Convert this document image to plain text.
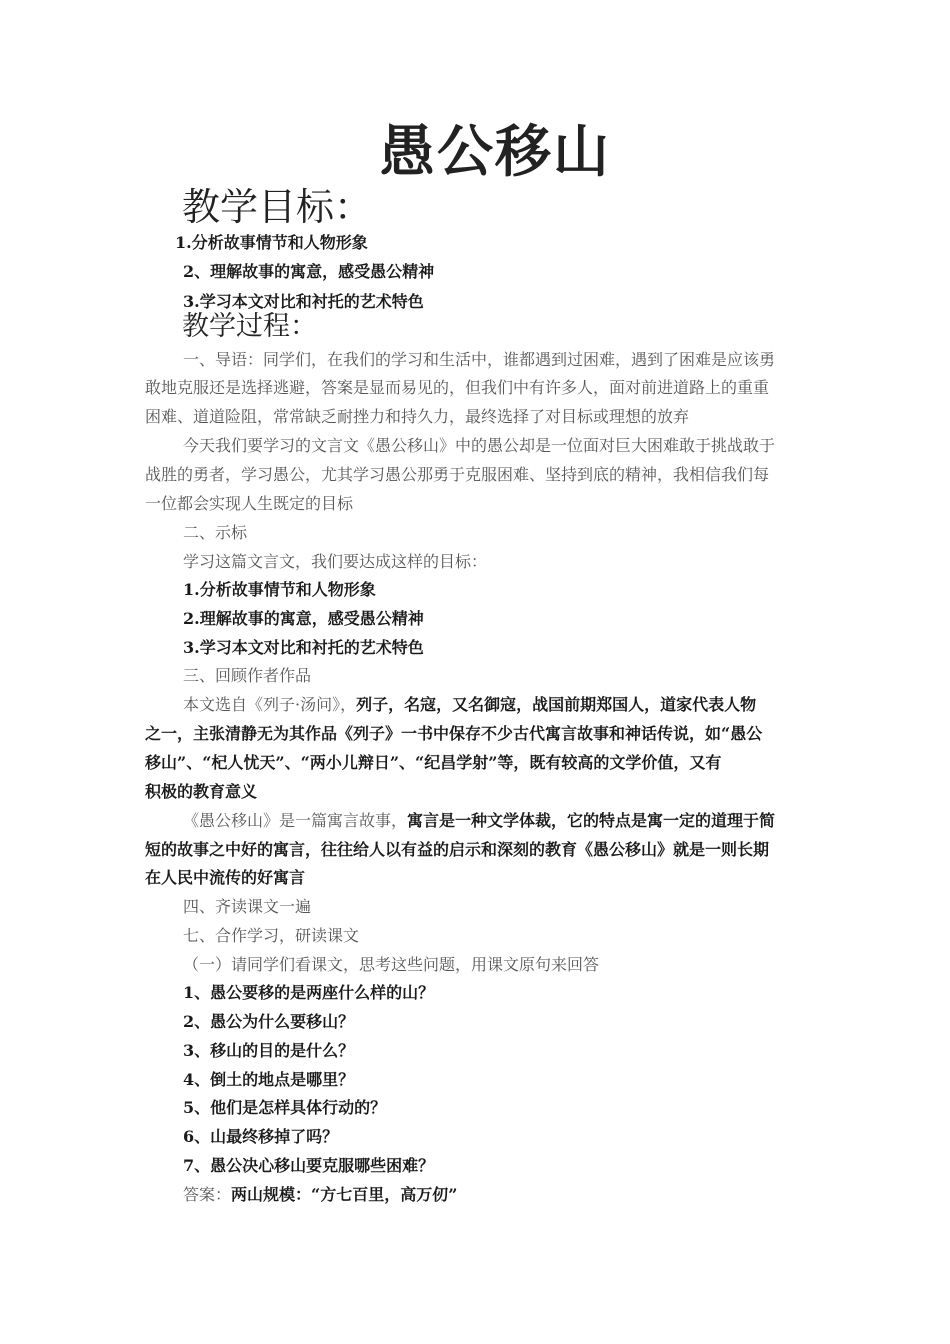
愚公移山
教学目标：
1.分析故事情节和人物形象
2、理解故事的寓意，感受愚公精神
3.学习本文对比和衬托的艺术特色
教学过程：
一、导语：同学们，在我们的学习和生活中，谁都遇到过困难，遇到了困难是应该勇
敢地克服还是选择逃避，答案是显而易见的，但我们中有许多人，面对前进道路上的重重
困难、道道险阻，常常缺乏耐挫力和持久力，最终选择了对目标或理想的放弃
今天我们要学习的文言文《愚公移山》中的愚公却是一位面对巨大困难敢于挑战敢于
战胜的勇者，学习愚公，尤其学习愚公那勇于克服困难、坚持到底的精神，我相信我们每
一位都会实现人生既定的目标
二、示标
学习这篇文言文，我们要达成这样的目标：
1.分析故事情节和人物形象
2.理解故事的寓意，感受愚公精神
3.学习本文对比和衬托的艺术特色
三、回顾作者作品
本文选自《列子·汤问》，列子，名寇，又名御寇，战国前期郑国人，道家代表人物
之一，主张清静无为其作品《列子》一书中保存不少古代寓言故事和神话传说，如“愚公
移山”、“杞人忧天”、“两小儿辩日”、“纪昌学射”等，既有较高的文学价值，又有
积极的教育意义
《愚公移山》是一篇寓言故事，寓言是一种文学体裁，它的特点是寓一定的道理于简
短的故事之中好的寓言，往往给人以有益的启示和深刻的教育《愚公移山》就是一则长期
在人民中流传的好寓言
四、齐读课文一遍
七、合作学习，研读课文
（一）请同学们看课文，思考这些问题，用课文原句来回答
1、愚公要移的是两座什么样的山？
2、愚公为什么要移山？
3、移山的目的是什么？
4、倒土的地点是哪里？
5、他们是怎样具体行动的？
6、山最终移掉了吗？
7、愚公决心移山要克服哪些困难？
答案：两山规模：“方七百里，高万仞”
